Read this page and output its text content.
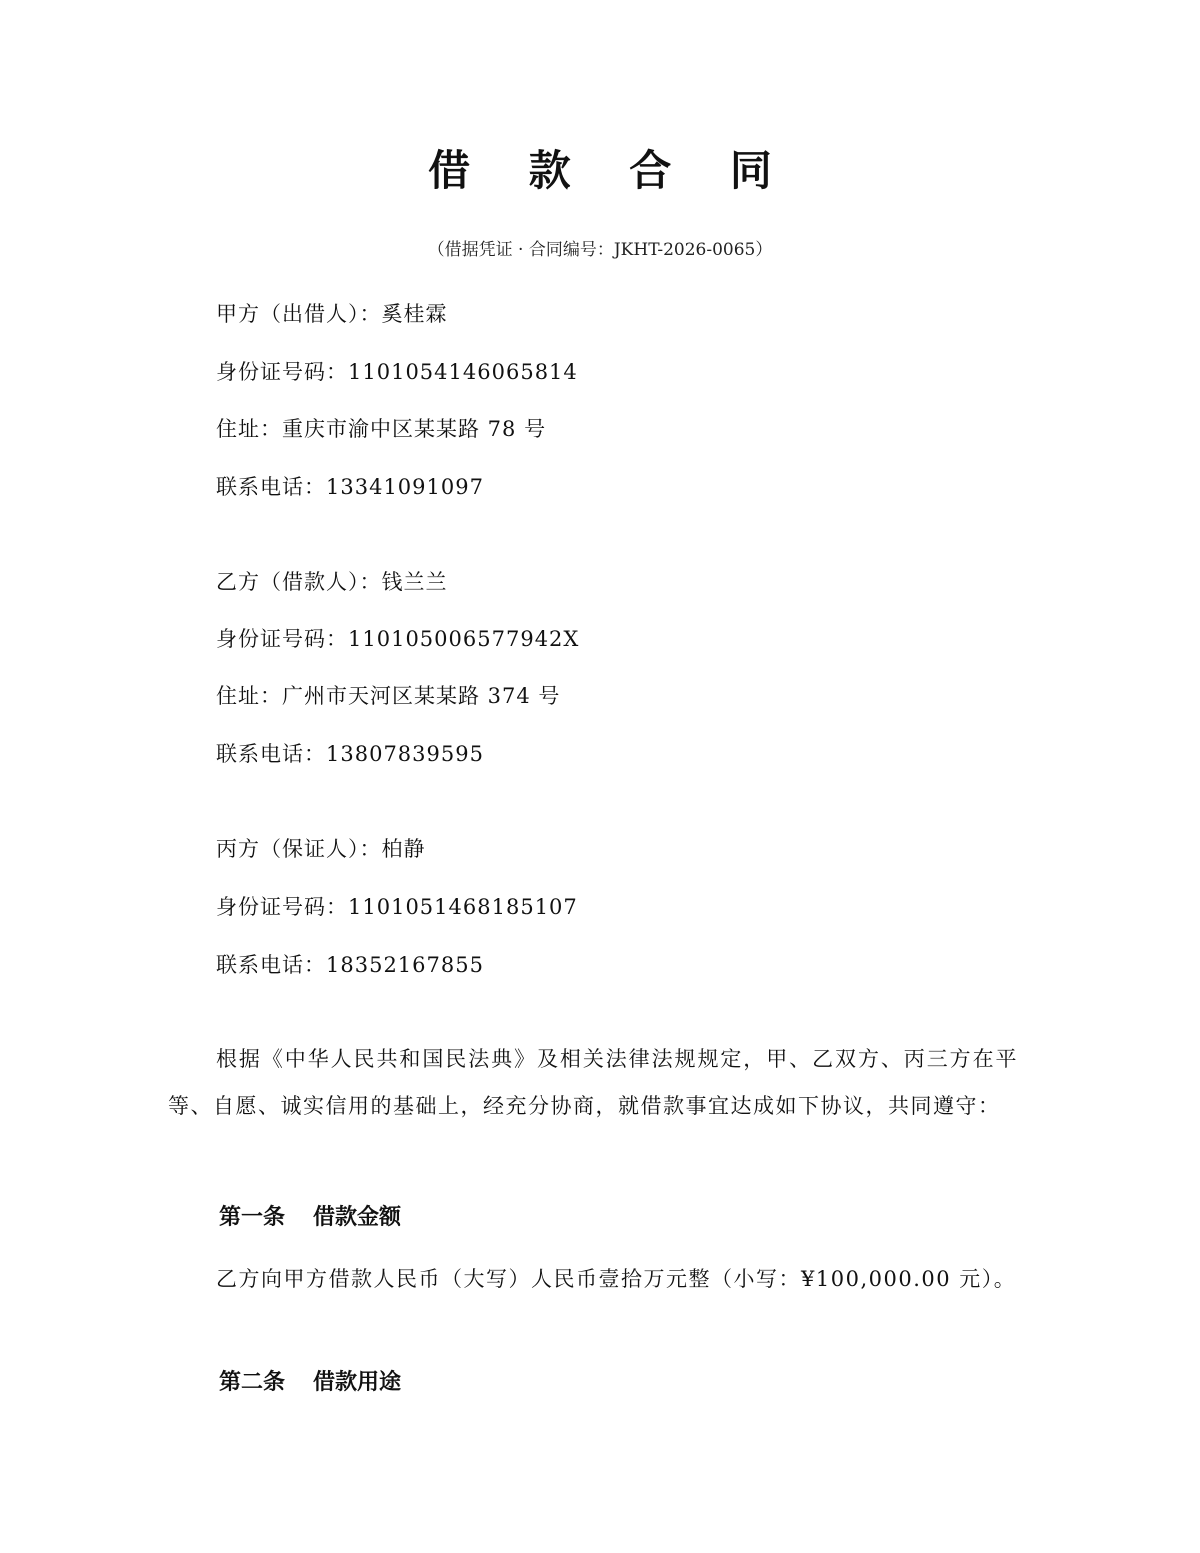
借 款 合 同
（借据凭证 · 合同编号：JKHT-2026-0065）
甲方（出借人）：奚桂霖
身份证号码：1101054146065814
住址：重庆市渝中区某某路 78 号
联系电话：13341091097
乙方（借款人）：钱兰兰
身份证号码：110105006577942X
住址：广州市天河区某某路 374 号
联系电话：13807839595
丙方（保证人）：柏静
身份证号码：1101051468185107
联系电话：18352167855
根据《中华人民共和国民法典》及相关法律法规规定，甲、乙双方、丙三方在平等、自愿、诚实信用的基础上，经充分协商，就借款事宜达成如下协议，共同遵守：
第一条 借款金额
乙方向甲方借款人民币（大写）人民币壹拾万元整（小写：¥100,000.00 元）。
第二条 借款用途
